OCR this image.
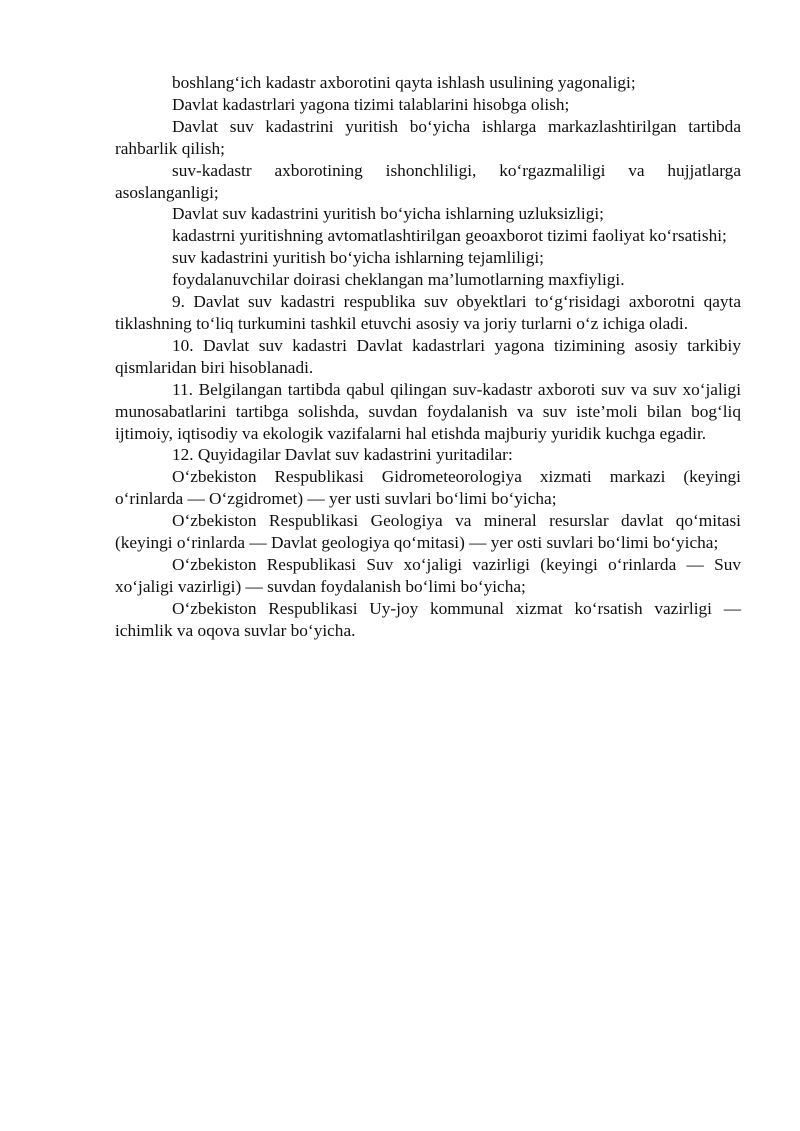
boshlang‘ich kadastr axborotini qayta ishlash usulining yagonaligi;

Davlat kadastrlari yagona tizimi talablarini hisobga olish;

Davlat suv kadastrini yuritish bo‘yicha ishlarga markazlashtirilgan tartibda rahbarlik qilish;

suv-kadastr axborotining ishonchliligi, ko‘rgazmaliligi va hujjatlarga asoslanganligi;

Davlat suv kadastrini yuritish bo‘yicha ishlarning uzluksizligi;

kadastrni yuritishning avtomatlashtirilgan geoaxborot tizimi faoliyat ko‘rsatishi;

suv kadastrini yuritish bo‘yicha ishlarning tejamliligi;

foydalanuvchilar doirasi cheklangan ma’lumotlarning maxfiyligi.

9. Davlat suv kadastri respublika suv obyektlari to‘g‘risidagi axborotni qayta tiklashning to‘liq turkumini tashkil etuvchi asosiy va joriy turlarni o‘z ichiga oladi.

10. Davlat suv kadastri Davlat kadastrlari yagona tizimining asosiy tarkibiy qismlaridan biri hisoblanadi.

11. Belgilangan tartibda qabul qilingan suv-kadastr axboroti suv va suv xo‘jaligi munosabatlarini tartibga solishda, suvdan foydalanish va suv iste’moli bilan bog‘liq ijtimoiy, iqtisodiy va ekologik vazifalarni hal etishda majburiy yuridik kuchga egadir.

12. Quyidagilar Davlat suv kadastrini yuritadilar:

O‘zbekiston Respublikasi Gidrometeorologiya xizmati markazi (keyingi o‘rinlarda — O‘zgidromet) — yer usti suvlari bo‘limi bo‘yicha;

O‘zbekiston Respublikasi Geologiya va mineral resurslar davlat qo‘mitasi (keyingi o‘rinlarda — Davlat geologiya qo‘mitasi) — yer osti suvlari bo‘limi bo‘yicha;

O‘zbekiston Respublikasi Suv xo‘jaligi vazirligi (keyingi o‘rinlarda — Suv xo‘jaligi vazirligi) — suvdan foydalanish bo‘limi bo‘yicha;

O‘zbekiston Respublikasi Uy-joy kommunal xizmat ko‘rsatish vazirligi — ichimlik va oqova suvlar bo‘yicha.
